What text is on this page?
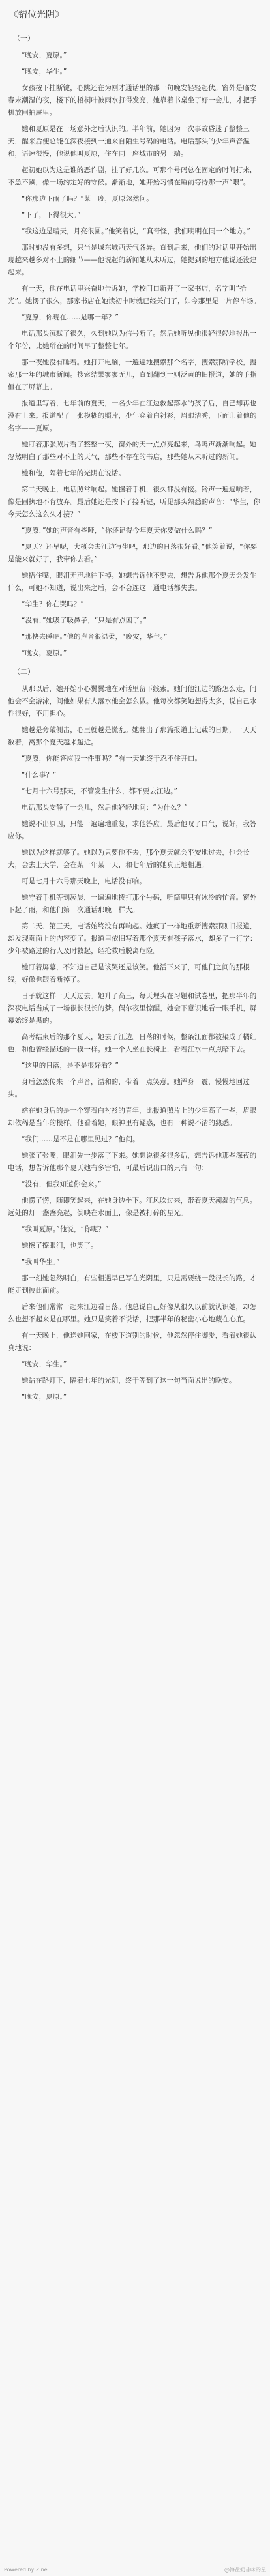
《错位光阴》
（一）

“晚安，夏原。”

“晚安，华生。”

女孩按下挂断键，心跳还在为刚才通话里的那一句晚安轻轻起伏。窗外是临安春末潮湿的夜，楼下的梧桐叶被雨水打得发亮，她靠着书桌坐了好一会儿，才把手机放回抽屉里。

她和夏原是在一场意外之后认识的。半年前，她因为一次事故昏迷了整整三天，醒来后便总能在深夜接到一通来自陌生号码的电话。电话那头的少年声音温和，语速很慢，他说他叫夏原，住在同一座城市的另一端。

起初她以为这是谁的恶作剧，挂了好几次。可那个号码总在固定的时间打来，不急不躁，像一场约定好的守候。渐渐地，她开始习惯在睡前等待那一声“喂”。

“你那边下雨了吗？”某一晚，夏原忽然问。

“下了，下得很大。”

“我这边是晴天，月亮很圆。”他笑着说，“真奇怪，我们明明在同一个地方。”

那时她没有多想，只当是城东城西天气各异。直到后来，他们的对话里开始出现越来越多对不上的细节——他说起的新闻她从未听过，她提到的地方他说还没建起来。

有一天，他在电话里兴奋地告诉她，学校门口新开了一家书店，名字叫“拾光”。她愣了很久，那家书店在她读初中时就已经关门了，如今那里是一片停车场。

“夏原，你现在……是哪一年？”

电话那头沉默了很久，久到她以为信号断了。然后她听见他很轻很轻地报出一个年份，比她所在的时间早了整整七年。

那一夜她没有睡着。她打开电脑，一遍遍地搜索那个名字，搜索那所学校，搜索那一年的城市新闻。搜索结果寥寥无几，直到翻到一则泛黄的旧报道，她的手指僵在了屏幕上。

报道里写着，七年前的夏天，一名少年在江边救起落水的孩子后，自己却再也没有上来。报道配了一张模糊的照片，少年穿着白衬衫，眉眼清秀，下面印着他的名字——夏原。

她盯着那张照片看了整整一夜，窗外的天一点点亮起来，鸟鸣声渐渐响起。她忽然明白了那些对不上的天气，那些不存在的书店，那些她从未听过的新闻。

她和他，隔着七年的光阴在说话。

第二天晚上，电话照常响起。她握着手机，很久都没有接。铃声一遍遍响着，像是固执地不肯放弃。最后她还是按下了接听键，听见那头熟悉的声音：“华生，你今天怎么这么久才接？”

“夏原，”她的声音有些哑，“你还记得今年夏天你要做什么吗？”

“夏天？还早呢，大概会去江边写生吧，那边的日落很好看。”他笑着说，“你要是能来就好了，我带你去看。”

她捂住嘴，眼泪无声地往下掉。她想告诉他不要去，想告诉他那个夏天会发生什么，可她不知道，说出来之后，会不会连这一通电话都失去。

“华生？你在哭吗？”

“没有，”她吸了吸鼻子，“只是有点困了。”

“那快去睡吧。”他的声音很温柔，“晚安，华生。”

“晚安，夏原。”

（二）

从那以后，她开始小心翼翼地在对话里留下线索。她问他江边的路怎么走，问他会不会游泳，问他如果有人落水他会怎么做。他每次都笑她想得太多，说自己水性很好，不用担心。

她越是旁敲侧击，心里就越是慌乱。她翻出了那篇报道上记载的日期，一天天数着，离那个夏天越来越近。

“夏原，你能答应我一件事吗？”有一天她终于忍不住开口。

“什么事？”

“七月十六号那天，不管发生什么，都不要去江边。”

电话那头安静了一会儿，然后他轻轻地问：“为什么？”

她说不出原因，只能一遍遍地重复，求他答应。最后他叹了口气，说好，我答应你。

她以为这样就够了。她以为只要他不去，那个夏天就会平安地过去，他会长大，会去上大学，会在某一年某一天，和七年后的她真正地相遇。

可是七月十六号那天晚上，电话没有响。

她守着手机等到凌晨，一遍遍地拨打那个号码，听筒里只有冰冷的忙音。窗外下起了雨，和他们第一次通话那晚一样大。

第二天、第三天，电话始终没有再响起。她疯了一样地重新搜索那则旧报道，却发现页面上的内容变了。报道里依旧写着那个夏天有孩子落水，却多了一行字：少年被路过的行人及时救起，经抢救后脱离危险。

她盯着屏幕，不知道自己是该哭还是该笑。他活下来了，可他们之间的那根线，好像也跟着断掉了。

日子就这样一天天过去。她升了高三，每天埋头在习题和试卷里，把那半年的深夜电话当成了一场很长很长的梦。偶尔夜里惊醒，她会下意识地看一眼手机，屏幕始终是黑的。

高考结束后的那个夏天，她去了江边。日落的时候，整条江面都被染成了橘红色，和他曾经描述的一模一样。她一个人坐在长椅上，看着江水一点点暗下去。

“这里的日落，是不是很好看？”

身后忽然传来一个声音，温和的，带着一点笑意。她浑身一震，慢慢地回过头。

站在她身后的是一个穿着白衬衫的青年，比报道照片上的少年高了一些，眉眼却依稀是当年的模样。他看着她，眼神里有疑惑，也有一种说不清的熟悉。

“我们……是不是在哪里见过？”他问。

她张了张嘴，眼泪先一步落了下来。她想说很多很多话，想告诉他那些深夜的电话，想告诉他那个夏天她有多害怕，可最后说出口的只有一句：

“没有，但我知道你会来。”

他愣了愣，随即笑起来，在她身边坐下。江风吹过来，带着夏天潮湿的气息。远处的灯一盏盏亮起，倒映在水面上，像是被打碎的星光。

“我叫夏原。”他说，“你呢？”

她擦了擦眼泪，也笑了。

“我叫华生。”

那一刻她忽然明白，有些相遇早已写在光阴里，只是需要绕一段很长的路，才能走到彼此面前。

后来他们常常一起来江边看日落。他总说自己好像从很久以前就认识她，却怎么也想不起来是在哪里。她只是笑着不说话，把那半年的秘密小心地藏在心底。

有一天晚上，他送她回家，在楼下道别的时候，他忽然停住脚步，看着她很认真地说：

“晚安，华生。”

她站在路灯下，隔着七年的光阴，终于等到了这一句当面说出的晚安。

“晚安，夏原。”

Powered by Zine	@海盐奶昔味的星
